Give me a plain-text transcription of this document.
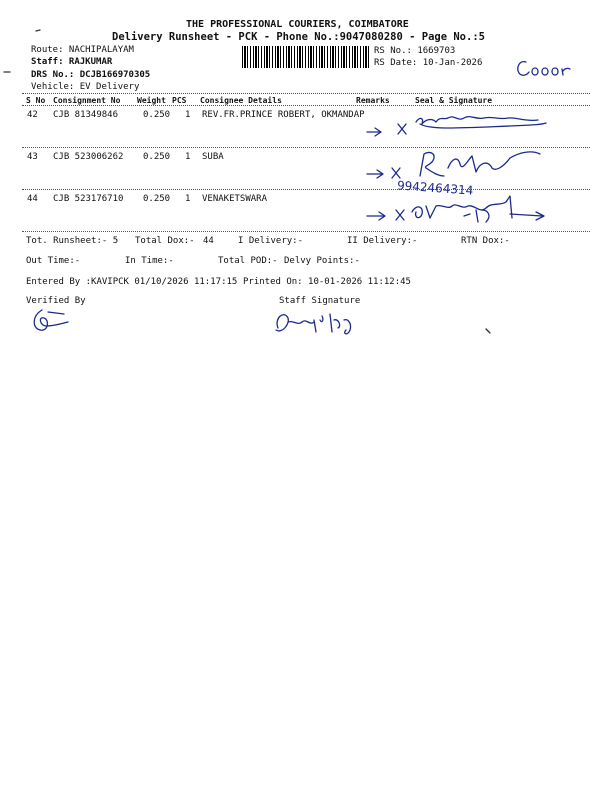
THE PROFESSIONAL COURIERS, COIMBATORE
Delivery Runsheet - PCK - Phone No.:9047080280 - Page No.:5
Route: NACHIPALAYAM
Staff: RAJKUMAR
DRS No.: DCJB166970305
Vehicle: EV Delivery
RS No.: 1669703
RS Date: 10-Jan-2026
S No Consignment No Weight PCS Consignee Details	Remarks	Seal & Signature
42 CJB 81349846	0.250 1 REV.FR.PRINCE ROBERT, OKMANDAP
43 CJB 523006262 0.250 1 SUBA
44 CJB 523176710 0.250 1 VENAKETSWARA
9942464314
Tot. Runsheet:- 5 Total Dox:- 44	I Delivery:-	II Delivery:-	RTN Dox:-
Out Time:-	In Time:-	Total POD:- Delvy Points:-
Entered By :KAVIPCK 01/10/2026 11:17:15 Printed On: 10-01-2026 11:12:45
Verified By	Staff Signature
